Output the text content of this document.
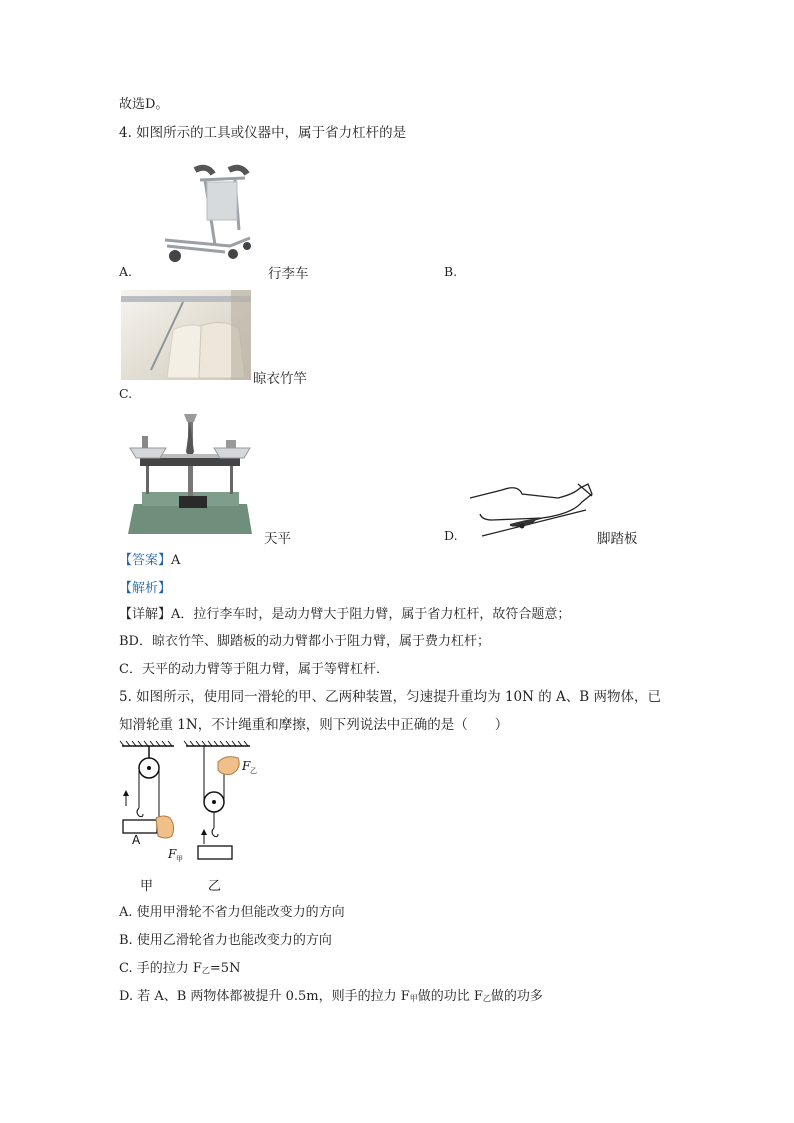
故选D。
4. 如图所示的工具或仪器中，属于省力杠杆的是
A.	行李车	B.
晾衣竹竿
C.
天平	D.	脚踏板
【答案】A
【解析】
【详解】A．拉行李车时，是动力臂大于阻力臂，属于省力杠杆，故符合题意；
BD．晾衣竹竿、脚踏板的动力臂都小于阻力臂，属于费力杠杆；
C．天平的动力臂等于阻力臂，属于等臂杠杆．
5. 如图所示，使用同一滑轮的甲、乙两种装置，匀速提升重均为 10N 的 A、B 两物体，已
知滑轮重 1N，不计绳重和摩擦，则下列说法中正确的是（　　）
A
F 甲
甲
F 乙
乙
A. 使用甲滑轮不省力但能改变力的方向
B. 使用乙滑轮省力也能改变力的方向
C. 手的拉力 $F_乙=5N$
D. 若 A、B 两物体都被提升 0.5m，则手的拉力 $F_甲$做的功比 $F_乙$做的功多
